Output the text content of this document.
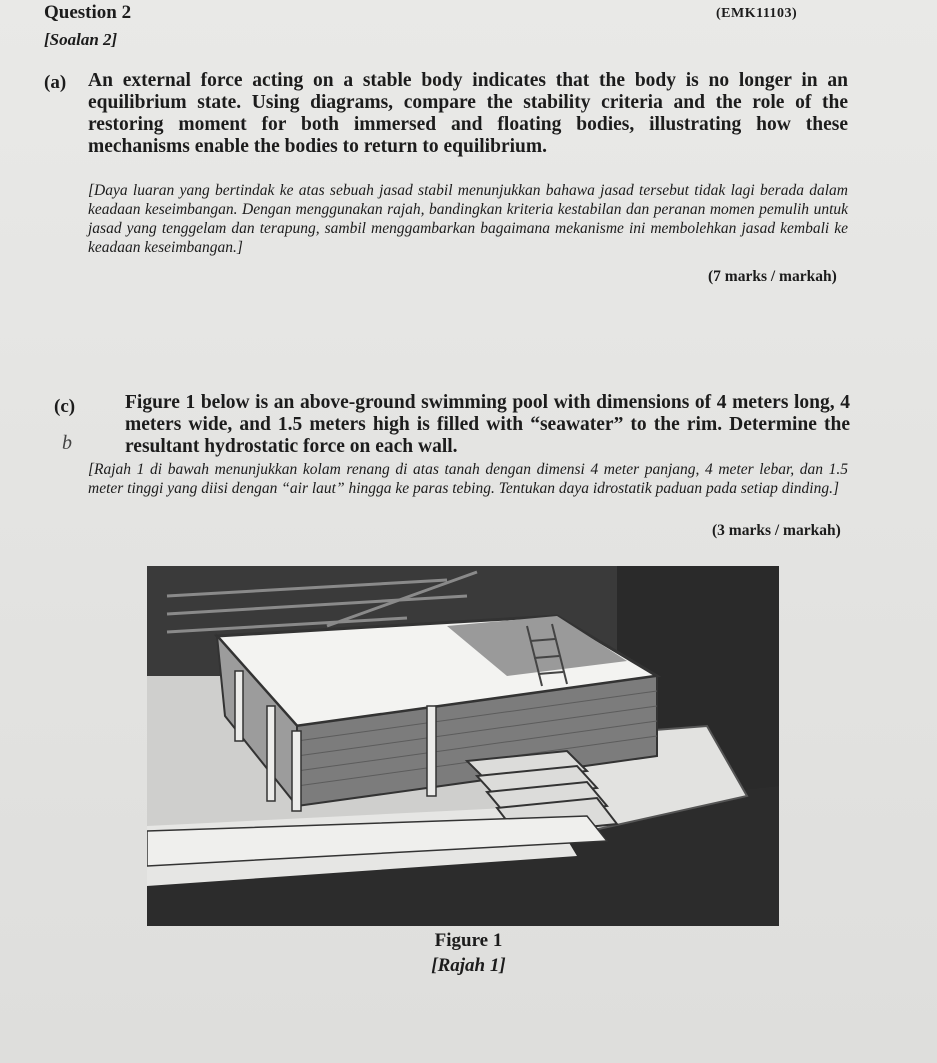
Question 2	(EMK11103)
[Soalan 2]
(a) An external force acting on a stable body indicates that the body is no longer in an equilibrium state. Using diagrams, compare the stability criteria and the role of the restoring moment for both immersed and floating bodies, illustrating how these mechanisms enable the bodies to return to equilibrium.
[Daya luaran yang bertindak ke atas sebuah jasad stabil menunjukkan bahawa jasad tersebut tidak lagi berada dalam keadaan keseimbangan. Dengan menggunakan rajah, bandingkan kriteria kestabilan dan peranan momen pemulih untuk jasad yang tenggelam dan terapung, sambil menggambarkan bagaimana mekanisme ini membolehkan jasad kembali ke keadaan keseimbangan.]
(7 marks / markah)
(c)
b
Figure 1 below is an above-ground swimming pool with dimensions of 4 meters long, 4 meters wide, and 1.5 meters high is filled with “seawater” to the rim. Determine the resultant hydrostatic force on each wall.
[Rajah 1 di bawah menunjukkan kolam renang di atas tanah dengan dimensi 4 meter panjang, 4 meter lebar, dan 1.5 meter tinggi yang diisi dengan “air laut” hingga ke paras tebing. Tentukan daya idrostatik paduan pada setiap dinding.]
(3 marks / markah)
Figure 1
[Rajah 1]
